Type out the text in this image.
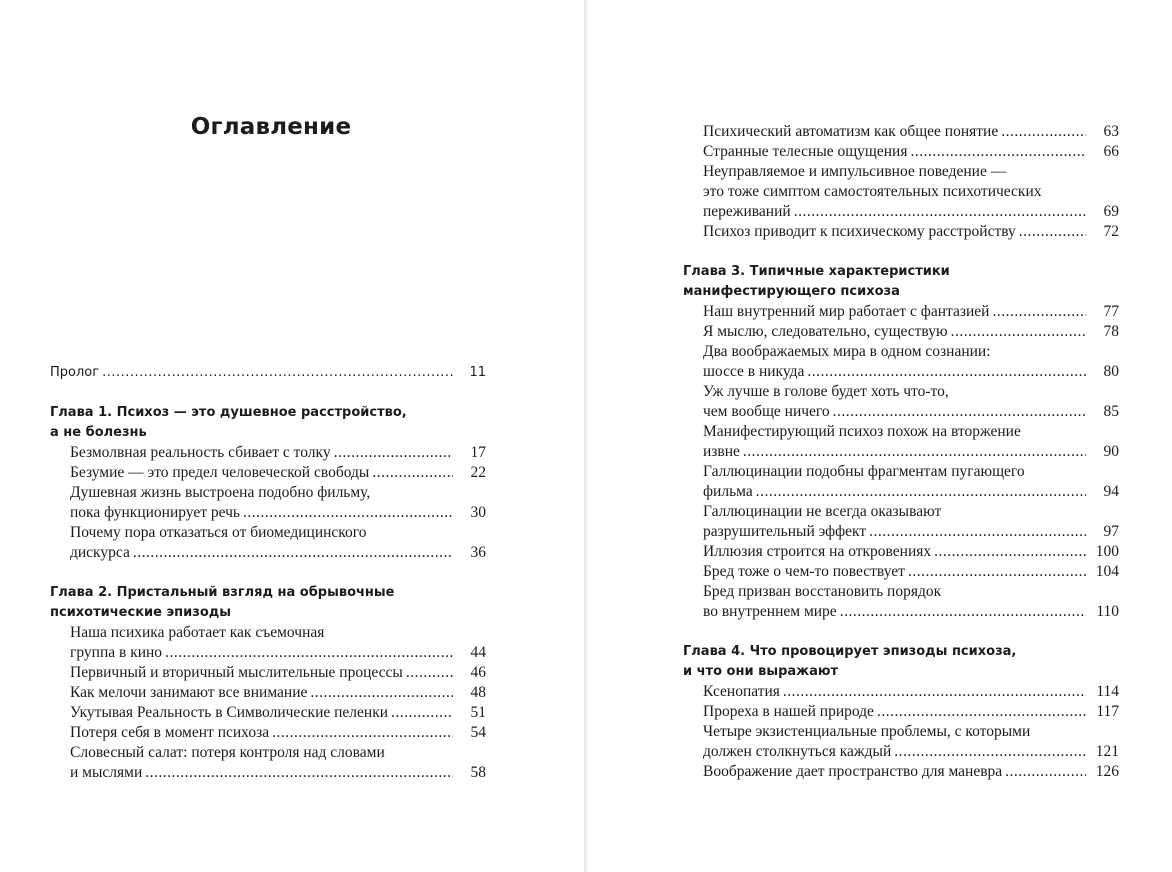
Оглавление
Пролог .....	11
Глава 1. Психоз — это душевное расстройство,
а не болезнь
Безмолвная реальность сбивает с толку .....	17
Безумие — это предел человеческой свободы .....	22
Душевная жизнь выстроена подобно фильму,
пока функционирует речь .....	30
Почему пора отказаться от биомедицинского
дискурса .....	36
Глава 2. Пристальный взгляд на обрывочные
психотические эпизоды
Наша психика работает как съемочная
группа в кино .....	44
Первичный и вторичный мыслительные процессы .....	46
Как мелочи занимают все внимание .....	48
Укутывая Реальность в Символические пеленки .....	51
Потеря себя в момент психоза .....	54
Словесный салат: потеря контроля над словами
и мыслями .....	58
Психический автоматизм как общее понятие .....	63
Странные телесные ощущения .....	66
Неуправляемое и импульсивное поведение —
это тоже симптом самостоятельных психотических
переживаний .....	69
Психоз приводит к психическому расстройству .....	72
Глава 3. Типичные характеристики
манифестирующего психоза
Наш внутренний мир работает с фантазией .....	77
Я мыслю, следовательно, существую .....	78
Два воображаемых мира в одном сознании:
шоссе в никуда .....	80
Уж лучше в голове будет хоть что-то,
чем вообще ничего .....	85
Манифестирующий психоз похож на вторжение
извне .....	90
Галлюцинации подобны фрагментам пугающего
фильма .....	94
Галлюцинации не всегда оказывают
разрушительный эффект .....	97
Иллюзия строится на откровениях .....	100
Бред тоже о чем-то повествует .....	104
Бред призван восстановить порядок
во внутреннем мире .....	110
Глава 4. Что провоцирует эпизоды психоза,
и что они выражают
Ксенопатия .....	114
Прореха в нашей природе .....	117
Четыре экзистенциальные проблемы, с которыми
должен столкнуться каждый .....	121
Воображение дает пространство для маневра .....	126
